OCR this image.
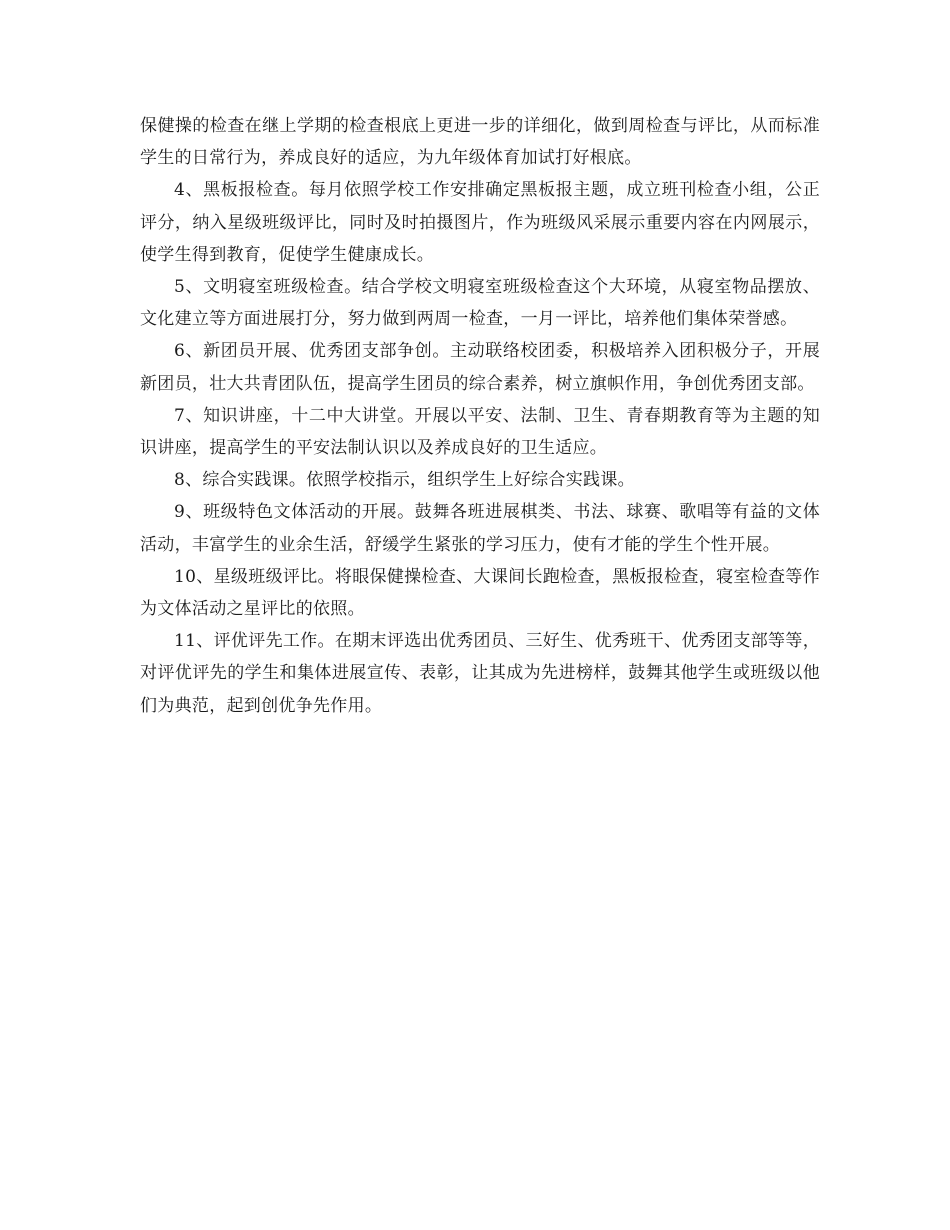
保健操的检查在继上学期的检查根底上更进一步的详细化，做到周检查与评比，从而标准学生的日常行为，养成良好的适应，为九年级体育加试打好根底。

4、黑板报检查。每月依照学校工作安排确定黑板报主题，成立班刊检查小组，公正评分，纳入星级班级评比，同时及时拍摄图片，作为班级风采展示重要内容在内网展示，使学生得到教育，促使学生健康成长。

5、文明寝室班级检查。结合学校文明寝室班级检查这个大环境，从寝室物品摆放、文化建立等方面进展打分，努力做到两周一检查，一月一评比，培养他们集体荣誉感。

6、新团员开展、优秀团支部争创。主动联络校团委，积极培养入团积极分子，开展新团员，壮大共青团队伍，提高学生团员的综合素养，树立旗帜作用，争创优秀团支部。

7、知识讲座，十二中大讲堂。开展以平安、法制、卫生、青春期教育等为主题的知识讲座，提高学生的平安法制认识以及养成良好的卫生适应。

8、综合实践课。依照学校指示，组织学生上好综合实践课。

9、班级特色文体活动的开展。鼓舞各班进展棋类、书法、球赛、歌唱等有益的文体活动，丰富学生的业余生活，舒缓学生紧张的学习压力，使有才能的学生个性开展。

10、星级班级评比。将眼保健操检查、大课间长跑检查，黑板报检查，寝室检查等作为文体活动之星评比的依照。

11、评优评先工作。在期末评选出优秀团员、三好生、优秀班干、优秀团支部等等，对评优评先的学生和集体进展宣传、表彰，让其成为先进榜样，鼓舞其他学生或班级以他们为典范，起到创优争先作用。
